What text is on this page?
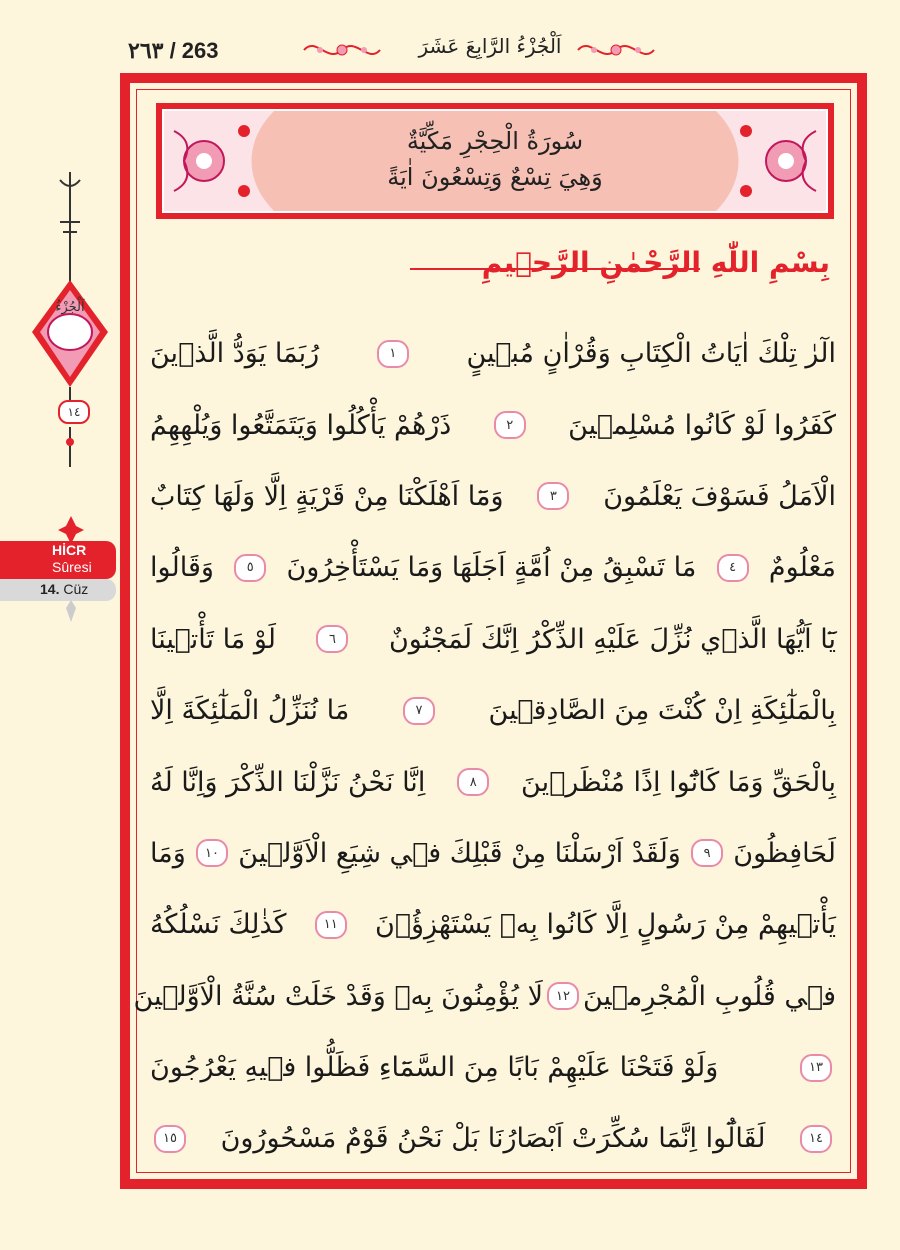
٢٦٣ / 263	اَلْجُزْءُ الرَّابِعَ عَشَرَ
سُورَةُ الْحِجْرِ مَكِّيَّةٌ
وَهِيَ تِسْعٌ وَتِسْعُونَ اٰيَةً
بِسْمِ اللّٰهِ الرَّحْمٰنِ الرَّح۪يمِ
الٓرٰ تِلْكَ اٰيَاتُ الْكِتَابِ وَقُرْاٰنٍ مُب۪ينٍ
١
رُبَمَا يَوَدُّ الَّذ۪ينَ
كَفَرُوا لَوْ كَانُوا مُسْلِم۪ينَ
٢
ذَرْهُمْ يَأْكُلُوا وَيَتَمَتَّعُوا وَيُلْهِهِمُ
الْاَمَلُ فَسَوْفَ يَعْلَمُونَ
٣
وَمَٓا اَهْلَكْنَا مِنْ قَرْيَةٍ اِلَّا وَلَهَا كِتَابٌ
مَعْلُومٌ
٤
مَا تَسْبِقُ مِنْ اُمَّةٍ اَجَلَهَا وَمَا يَسْتَأْخِرُونَ
٥
وَقَالُوا
يَٓا اَيُّهَا الَّذ۪ي نُزِّلَ عَلَيْهِ الذِّكْرُ اِنَّكَ لَمَجْنُونٌ
٦
لَوْ مَا تَأْت۪ينَا
بِالْمَلٰٓئِكَةِ اِنْ كُنْتَ مِنَ الصَّادِق۪ينَ
٧
مَا نُنَزِّلُ الْمَلٰٓئِكَةَ اِلَّا
بِالْحَقِّ وَمَا كَانُٓوا اِذًا مُنْظَر۪ينَ
٨
اِنَّا نَحْنُ نَزَّلْنَا الذِّكْرَ وَاِنَّا لَهُ
لَحَافِظُونَ
٩
وَلَقَدْ اَرْسَلْنَا مِنْ قَبْلِكَ ف۪ي شِيَعِ الْاَوَّل۪ينَ
١٠
وَمَا
يَأْت۪يهِمْ مِنْ رَسُولٍ اِلَّا كَانُوا بِه۪ يَسْتَهْزِؤُ۫نَ
١١
كَذٰلِكَ نَسْلُكُهُ
ف۪ي قُلُوبِ الْمُجْرِم۪ينَ
١٢
لَا يُؤْمِنُونَ بِه۪ وَقَدْ خَلَتْ سُنَّةُ الْاَوَّل۪ينَ
١٣
وَلَوْ فَتَحْنَا عَلَيْهِمْ بَابًا مِنَ السَّمَٓاءِ فَظَلُّوا ف۪يهِ يَعْرُجُونَ
١٤
لَقَالُٓوا اِنَّمَا سُكِّرَتْ اَبْصَارُنَا بَلْ نَحْنُ قَوْمٌ مَسْحُورُونَ
١٥
اَلْجُزْءُ
١٤
HİCR
Sûresi
14. Cüz
